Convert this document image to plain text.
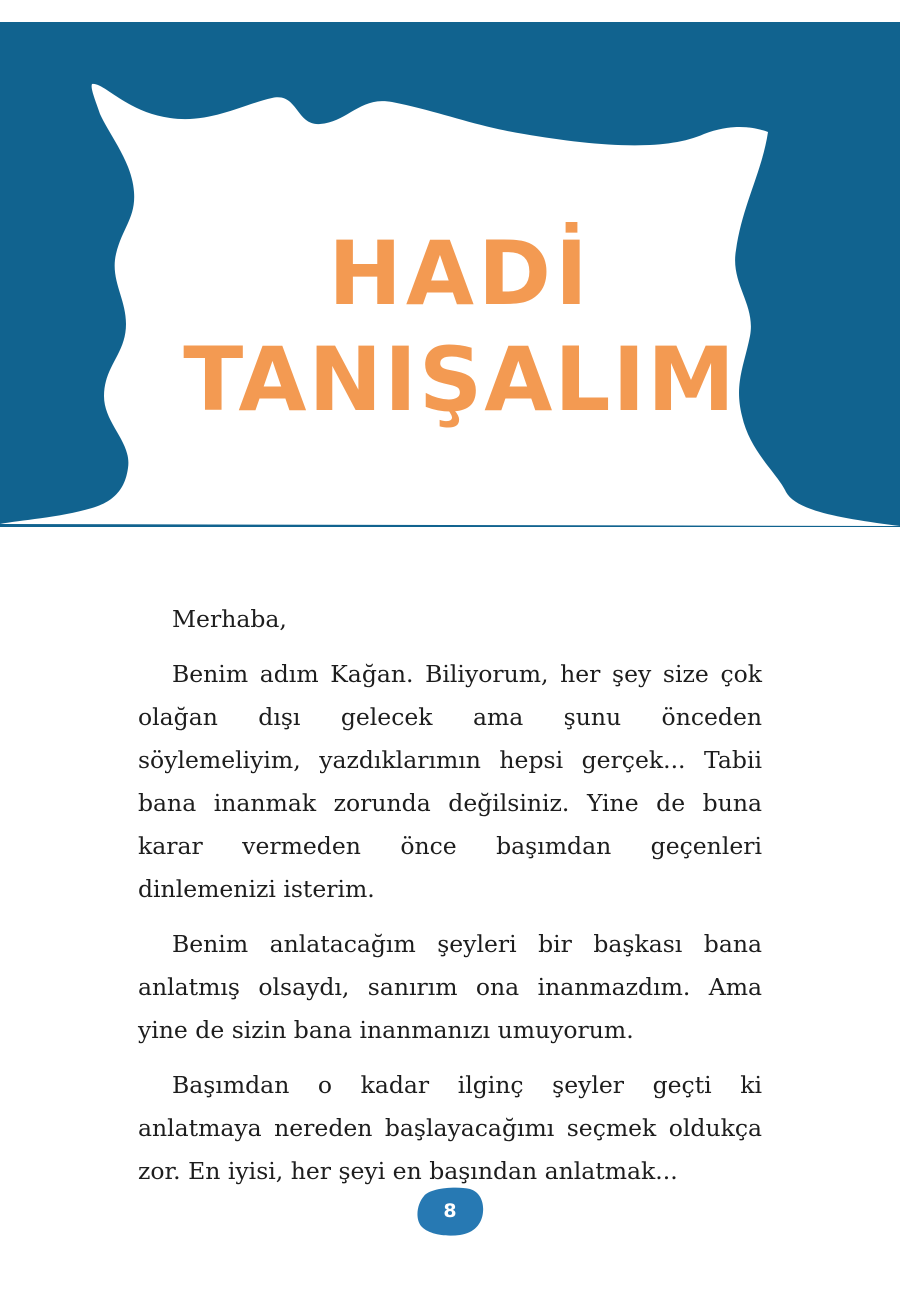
HADİ
TANIŞALIM

Merhaba,

Benim adım Kağan. Biliyorum, her şey size çok olağan dışı gelecek ama şunu önceden söylemeliyim, yazdıklarımın hepsi gerçek... Tabii bana inanmak zorunda değilsiniz. Yine de buna karar vermeden önce başımdan geçenleri dinlemenizi isterim.

Benim anlatacağım şeyleri bir başkası bana anlatmış olsaydı, sanırım ona inanmazdım. Ama yine de sizin bana inanmanızı umuyorum.

Başımdan o kadar ilginç şeyler geçti ki anlatmaya nereden başlayacağımı seçmek oldukça zor. En iyisi, her şeyi en başından anlatmak...

8
